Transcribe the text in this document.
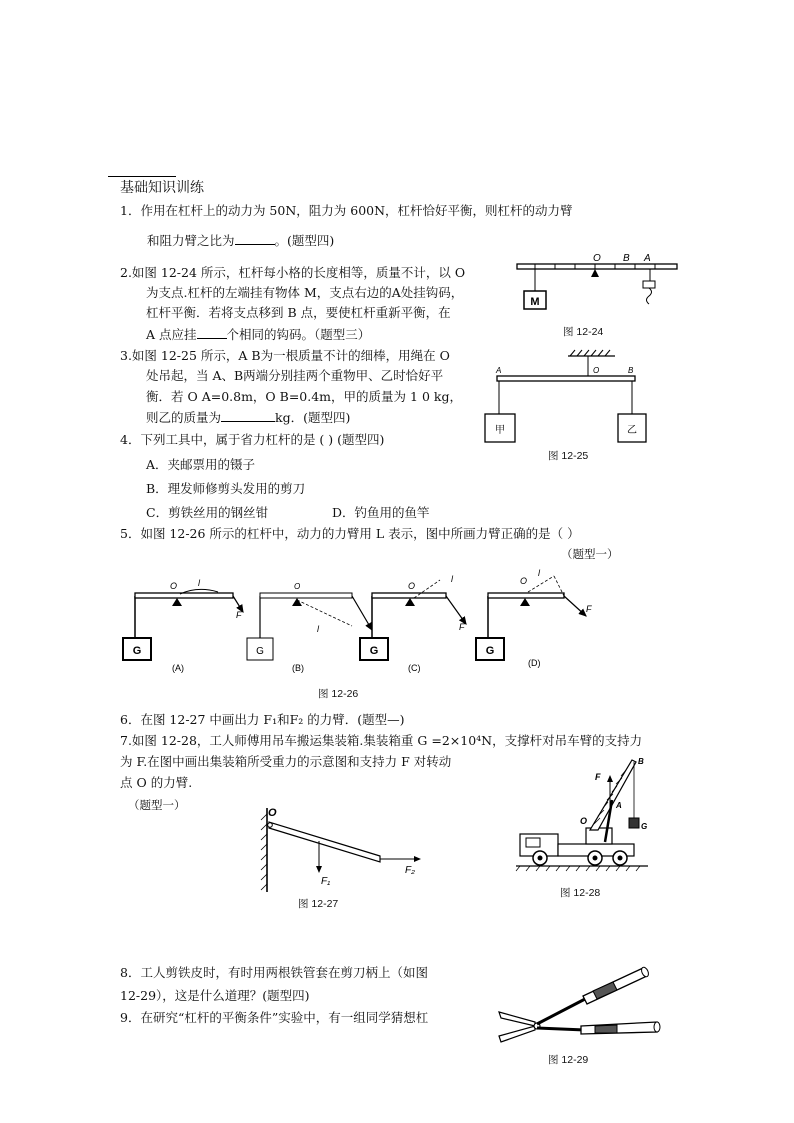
基础知识训练
1．作用在杠杆上的动力为 50N，阻力为 600N，杠杆恰好平衡，则杠杆的动力臂
和阻力臂之比为	。(题型四)
2.如图 12-24 所示，杠杆每小格的长度相等，质量不计，以 O
为支点.杠杆的左端挂有物体 M，支点右边的A处挂钩码，
杠杆平衡．若将支点移到 B 点，要使杠杆重新平衡，在
A 点应挂 个相同的钩码。（题型三）
3.如图 12-25 所示，A B为一根质量不计的细棒，用绳在 O
处吊起，当 A、B两端分别挂两个重物甲、乙时恰好平
衡．若 O A=0.8m，O B=0.4m，甲的质量为 1 0 kg，
则乙的质量为	kg．(题型四)
4．下列工具中，属于省力杠杆的是 ( ) (题型四)
A．夹邮票用的镊子
B．理发师修剪头发用的剪刀
C．剪铁丝用的钢丝钳	D．钓鱼用的鱼竿
5．如图 12-26 所示的杠杆中，动力的力臂用 L 表示，图中所画力臂正确的是（ ）
（题型一）
M
O B A
图 12-24
甲	乙
A	O	B
图 12-25
G
O l
F
G
O
l
G
O
l
F
G
O
l
F
(A)	(B)	(C)	(D)
图 12-26
6．在图 12-27 中画出力 F₁和F₂ 的力臂．(题型—)
7.如图 12-28，工人师傅用吊车搬运集装箱.集装箱重 G =2×10⁴N，支撑杆对吊车臂的支持力
为 F.在图中画出集装箱所受重力的示意图和支持力 F 对转动
点 O 的力臂.
（题型一）
O
F₁
F₂
图 12-27
F
B
A
O
G
图 12-28
8．工人剪铁皮时，有时用两根铁管套在剪刀柄上（如图
12-29），这是什么道理？(题型四)
9．在研究“杠杆的平衡条件”实验中，有一组同学猜想杠
图 12-29
